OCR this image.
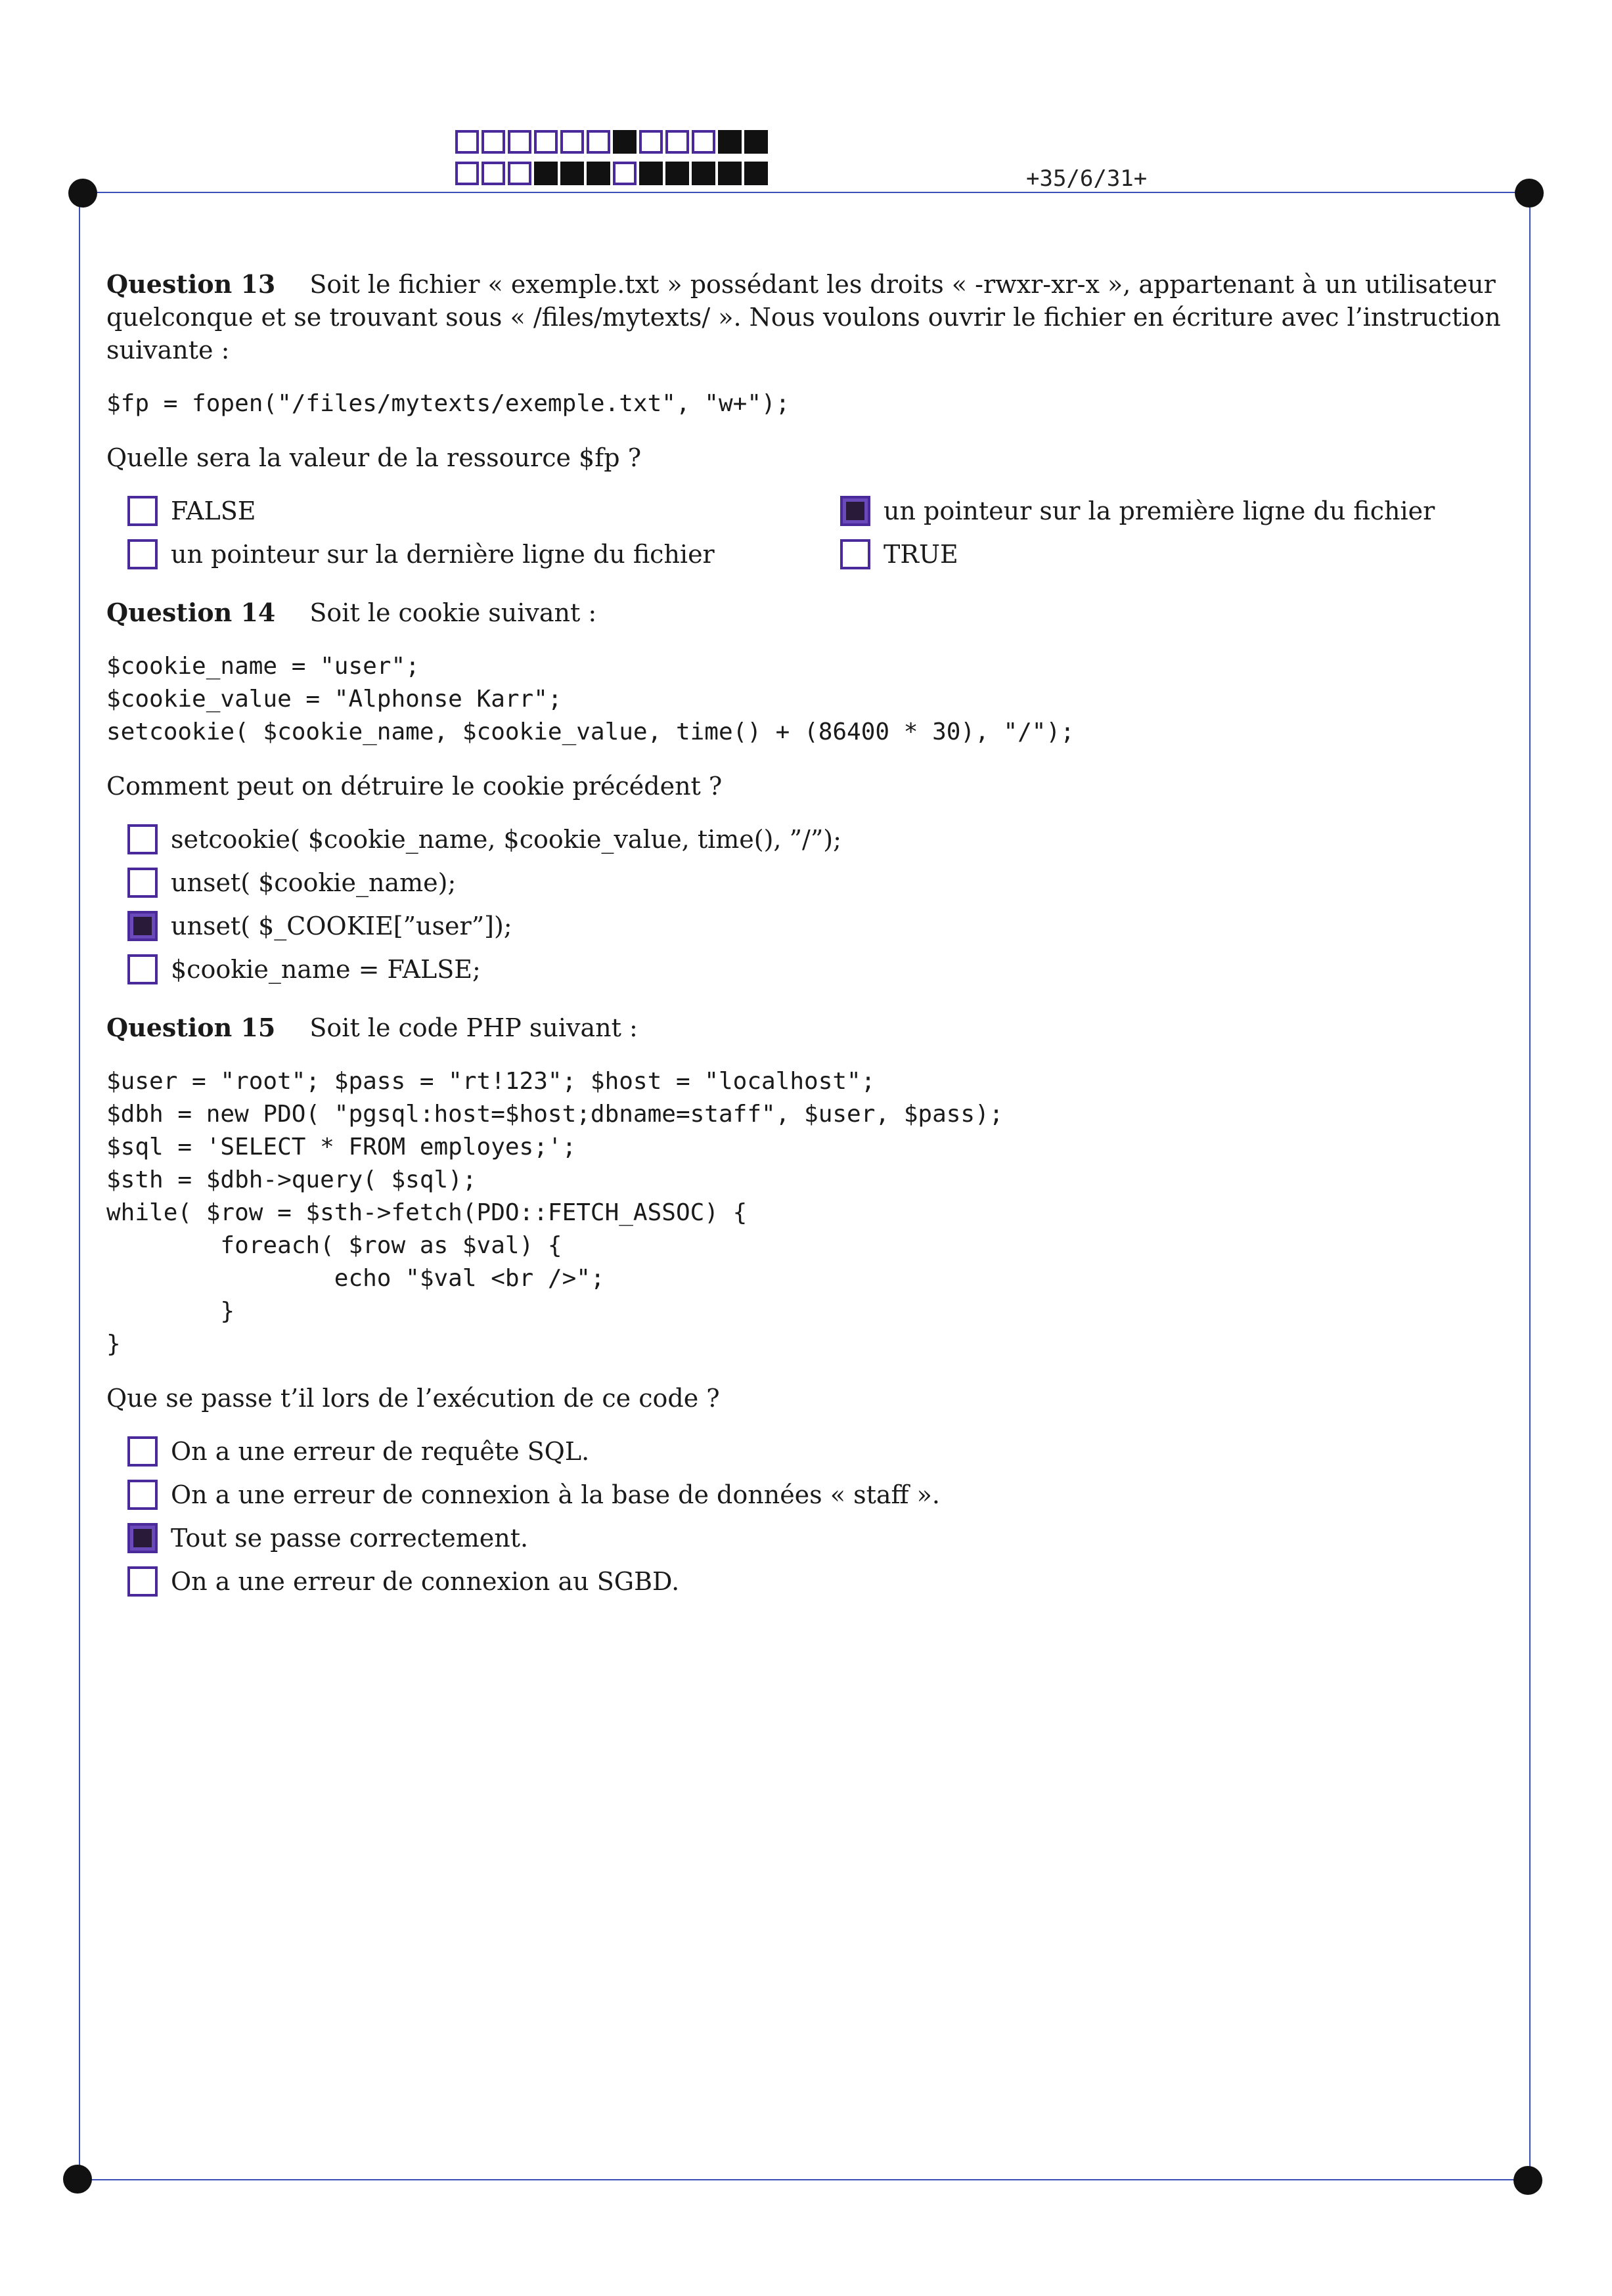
+35/6/31+

Question 13 Soit le fichier « exemple.txt » possédant les droits « -rwxr-xr-x », appartenant à un utilisateur quelconque et se trouvant sous « /files/mytexts/ ». Nous voulons ouvrir le fichier en écriture avec l’instruction suivante :

$fp = fopen("/files/mytexts/exemple.txt", "w+");

Quelle sera la valeur de la ressource $fp ?

FALSE	un pointeur sur la première ligne du fichier
un pointeur sur la dernière ligne du fichier	TRUE

Question 14 Soit le cookie suivant :

$cookie_name = "user";
$cookie_value = "Alphonse Karr";
setcookie( $cookie_name, $cookie_value, time() + (86400 * 30), "/");

Comment peut on détruire le cookie précédent ?

setcookie( $cookie_name, $cookie_value, time(), ”/”);
unset( $cookie_name);
unset( $_COOKIE[”user”]);
$cookie_name = FALSE;

Question 15 Soit le code PHP suivant :

$user = "root"; $pass = "rt!123"; $host = "localhost";
$dbh = new PDO( "pgsql:host=$host;dbname=staff", $user, $pass);
$sql = 'SELECT * FROM employes;';
$sth = $dbh->query( $sql);
while( $row = $sth->fetch(PDO::FETCH_ASSOC) {
foreach( $row as $val) {
echo "$val <br />";
}
}

Que se passe t’il lors de l’exécution de ce code ?

On a une erreur de requête SQL.
On a une erreur de connexion à la base de données « staff ».
Tout se passe correctement.
On a une erreur de connexion au SGBD.
